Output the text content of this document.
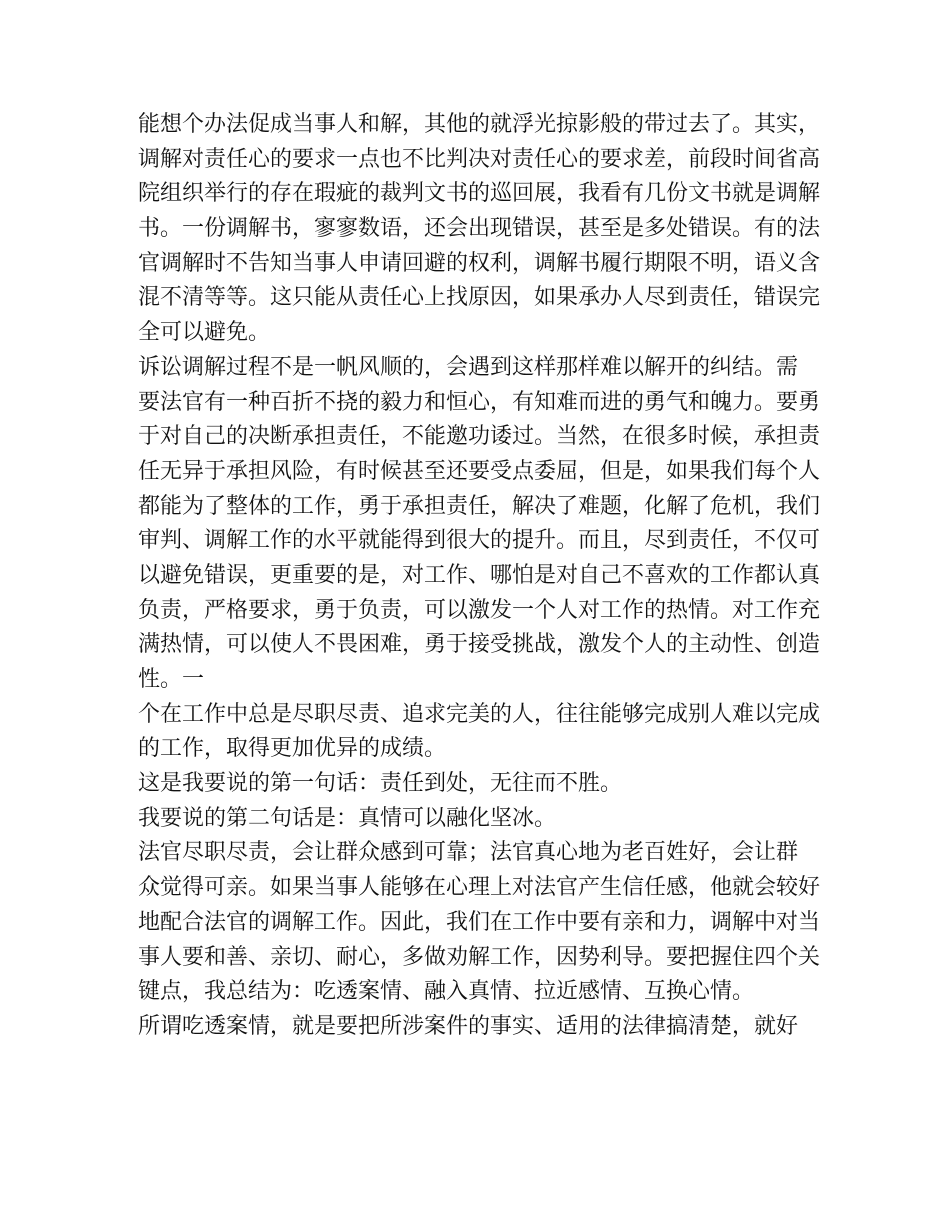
能想个办法促成当事人和解，其他的就浮光掠影般的带过去了。其实，
调解对责任心的要求一点也不比判决对责任心的要求差，前段时间省高
院组织举行的存在瑕疵的裁判文书的巡回展，我看有几份文书就是调解
书。一份调解书，寥寥数语，还会出现错误，甚至是多处错误。有的法
官调解时不告知当事人申请回避的权利，调解书履行期限不明，语义含
混不清等等。这只能从责任心上找原因，如果承办人尽到责任，错误完
全可以避免。
诉讼调解过程不是一帆风顺的，会遇到这样那样难以解开的纠结。需
要法官有一种百折不挠的毅力和恒心，有知难而进的勇气和魄力。要勇
于对自己的决断承担责任，不能邀功诿过。当然，在很多时候，承担责
任无异于承担风险，有时候甚至还要受点委屈，但是，如果我们每个人
都能为了整体的工作，勇于承担责任，解决了难题，化解了危机，我们
审判、调解工作的水平就能得到很大的提升。而且，尽到责任，不仅可
以避免错误，更重要的是，对工作、哪怕是对自己不喜欢的工作都认真
负责，严格要求，勇于负责，可以激发一个人对工作的热情。对工作充
满热情，可以使人不畏困难，勇于接受挑战，激发个人的主动性、创造
性。一
个在工作中总是尽职尽责、追求完美的人，往往能够完成别人难以完成
的工作，取得更加优异的成绩。
这是我要说的第一句话：责任到处，无往而不胜。
我要说的第二句话是：真情可以融化坚冰。
法官尽职尽责，会让群众感到可靠；法官真心地为老百姓好，会让群
众觉得可亲。如果当事人能够在心理上对法官产生信任感，他就会较好
地配合法官的调解工作。因此，我们在工作中要有亲和力，调解中对当
事人要和善、亲切、耐心，多做劝解工作，因势利导。要把握住四个关
键点，我总结为：吃透案情、融入真情、拉近感情、互换心情。
所谓吃透案情，就是要把所涉案件的事实、适用的法律搞清楚，就好
